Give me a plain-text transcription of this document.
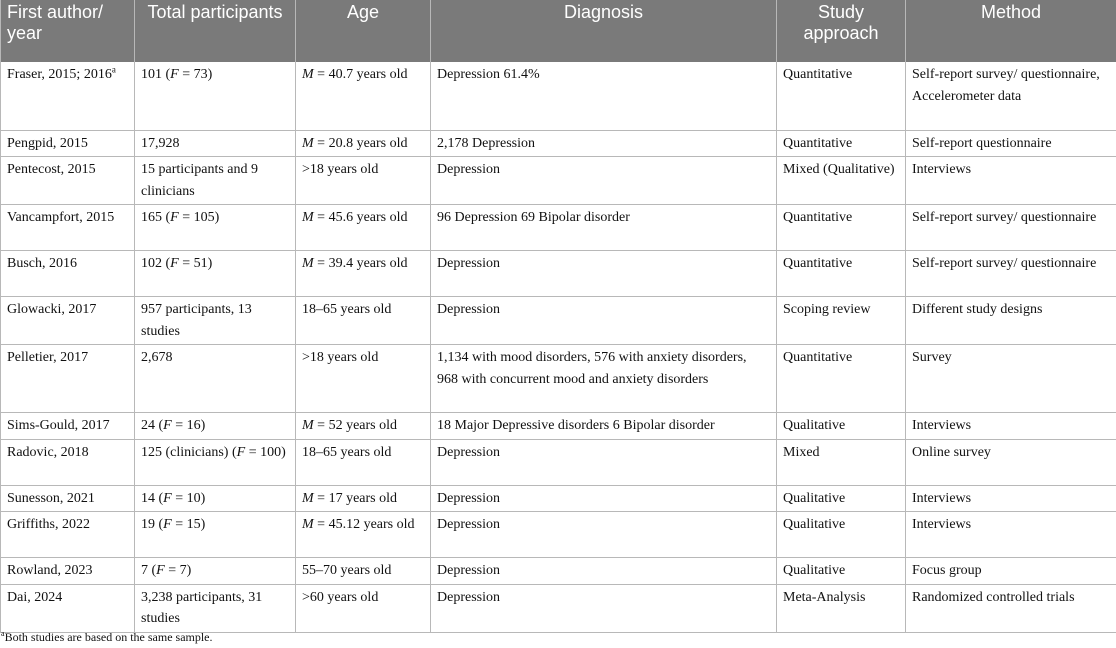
First author/ year	Total participants	Age	Diagnosis	Study approach	Method
Fraser, 2015; 2016$^a$	101 (F = 73)	M = 40.7 years old	Depression 61.4%	Quantitative	Self-report survey/ questionnaire, Accelerometer data
Pengpid, 2015	17,928	M = 20.8 years old	2,178 Depression	Quantitative	Self-report questionnaire
Pentecost, 2015	15 participants and 9 clinicians	>18 years old	Depression	Mixed (Qualitative)	Interviews
Vancampfort, 2015	165 (F = 105)	M = 45.6 years old	96 Depression 69 Bipolar disorder	Quantitative	Self-report survey/ questionnaire
Busch, 2016	102 (F = 51)	M = 39.4 years old	Depression	Quantitative	Self-report survey/ questionnaire
Glowacki, 2017	957 participants, 13 studies	18–65 years old	Depression	Scoping review	Different study designs
Pelletier, 2017	2,678	>18 years old	1,134 with mood disorders, 576 with anxiety disorders, 968 with concurrent mood and anxiety disorders	Quantitative	Survey
Sims-Gould, 2017	24 (F = 16)	M = 52 years old	18 Major Depressive disorders 6 Bipolar disorder	Qualitative	Interviews
Radovic, 2018	125 (clinicians) (F = 100)	18–65 years old	Depression	Mixed	Online survey
Sunesson, 2021	14 (F = 10)	M = 17 years old	Depression	Qualitative	Interviews
Griffiths, 2022	19 (F = 15)	M = 45.12 years old	Depression	Qualitative	Interviews
Rowland, 2023	7 (F = 7)	55–70 years old	Depression	Qualitative	Focus group
Dai, 2024	3,238 participants, 31 studies	>60 years old	Depression	Meta-Analysis	Randomized controlled trials
$^a$Both studies are based on the same sample.
